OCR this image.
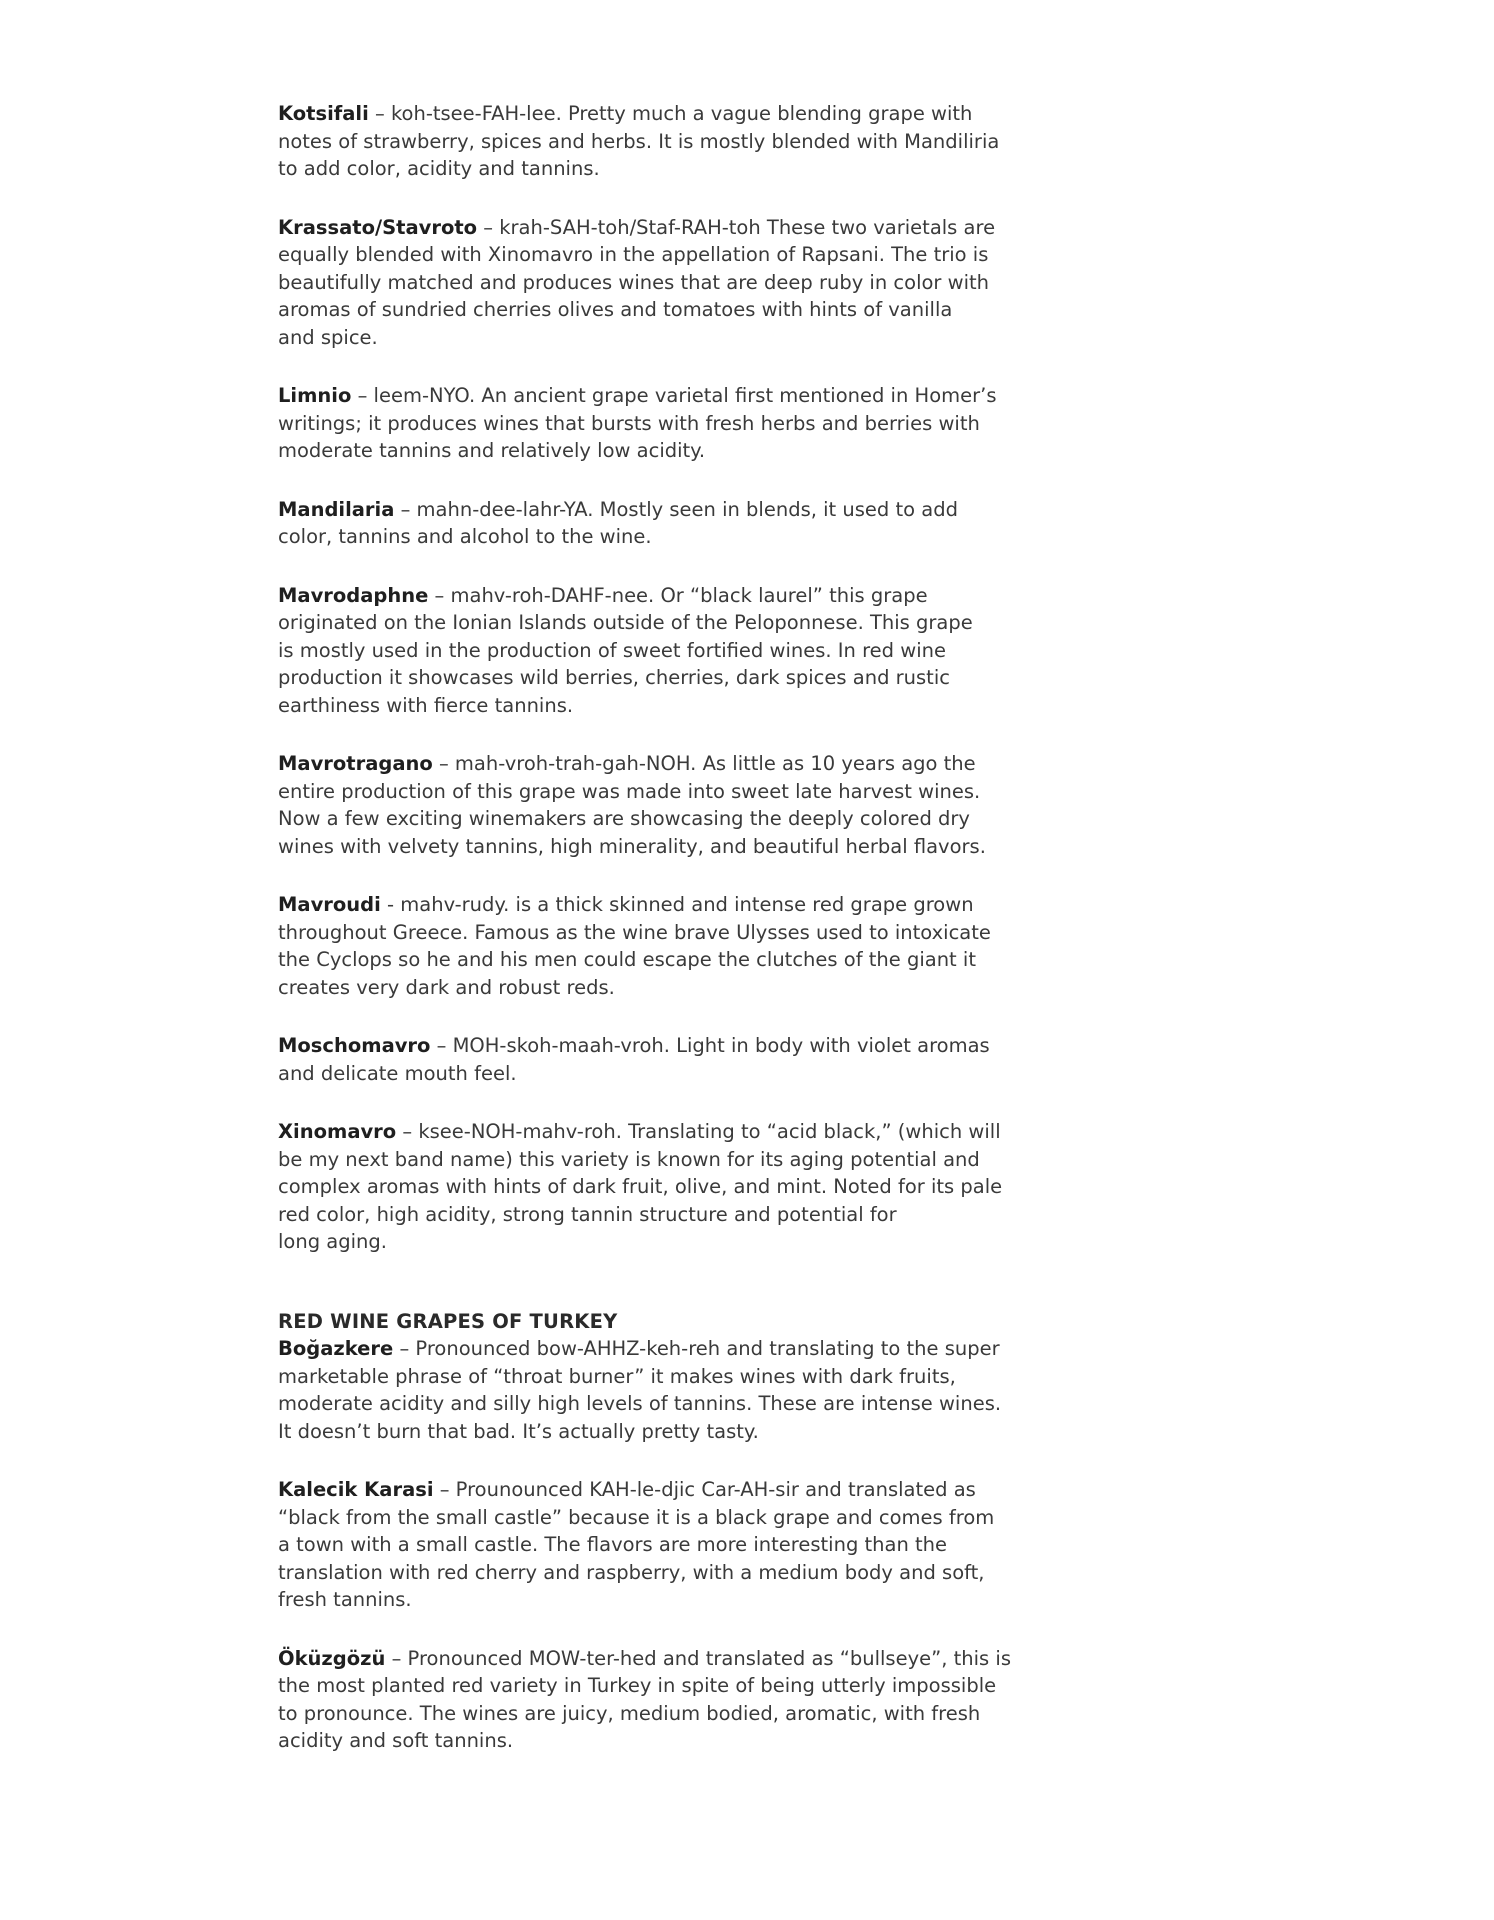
Kotsifali – koh-tsee-FAH-lee. Pretty much a vague blending grape with
notes of strawberry, spices and herbs. It is mostly blended with Mandiliria
to add color, acidity and tannins.

Krassato/Stavroto – krah-SAH-toh/Staf-RAH-toh These two varietals are
equally blended with Xinomavro in the appellation of Rapsani. The trio is
beautifully matched and produces wines that are deep ruby in color with
aromas of sundried cherries olives and tomatoes with hints of vanilla
and spice.

Limnio – leem-NYO. An ancient grape varietal first mentioned in Homer’s
writings; it produces wines that bursts with fresh herbs and berries with
moderate tannins and relatively low acidity.

Mandilaria – mahn-dee-lahr-YA. Mostly seen in blends, it used to add
color, tannins and alcohol to the wine.

Mavrodaphne – mahv-roh-DAHF-nee. Or “black laurel” this grape
originated on the Ionian Islands outside of the Peloponnese. This grape
is mostly used in the production of sweet fortified wines. In red wine
production it showcases wild berries, cherries, dark spices and rustic
earthiness with fierce tannins.

Mavrotragano – mah-vroh-trah-gah-NOH. As little as 10 years ago the
entire production of this grape was made into sweet late harvest wines.
Now a few exciting winemakers are showcasing the deeply colored dry
wines with velvety tannins, high minerality, and beautiful herbal flavors.

Mavroudi - mahv-rudy. is a thick skinned and intense red grape grown
throughout Greece. Famous as the wine brave Ulysses used to intoxicate
the Cyclops so he and his men could escape the clutches of the giant it
creates very dark and robust reds.

Moschomavro – MOH-skoh-maah-vroh. Light in body with violet aromas
and delicate mouth feel.

Xinomavro – ksee-NOH-mahv-roh. Translating to “acid black,” (which will
be my next band name) this variety is known for its aging potential and
complex aromas with hints of dark fruit, olive, and mint. Noted for its pale
red color, high acidity, strong tannin structure and potential for
long aging.

RED WINE GRAPES OF TURKEY

Boğazkere – Pronounced bow-AHHZ-keh-reh and translating to the super
marketable phrase of “throat burner” it makes wines with dark fruits,
moderate acidity and silly high levels of tannins. These are intense wines.
It doesn’t burn that bad. It’s actually pretty tasty.

Kalecik Karasi – Prounounced KAH-le-djic Car-AH-sir and translated as
“black from the small castle” because it is a black grape and comes from
a town with a small castle. The flavors are more interesting than the
translation with red cherry and raspberry, with a medium body and soft,
fresh tannins.

Öküzgözü – Pronounced MOW-ter-hed and translated as “bullseye”, this is
the most planted red variety in Turkey in spite of being utterly impossible
to pronounce. The wines are juicy, medium bodied, aromatic, with fresh
acidity and soft tannins.
